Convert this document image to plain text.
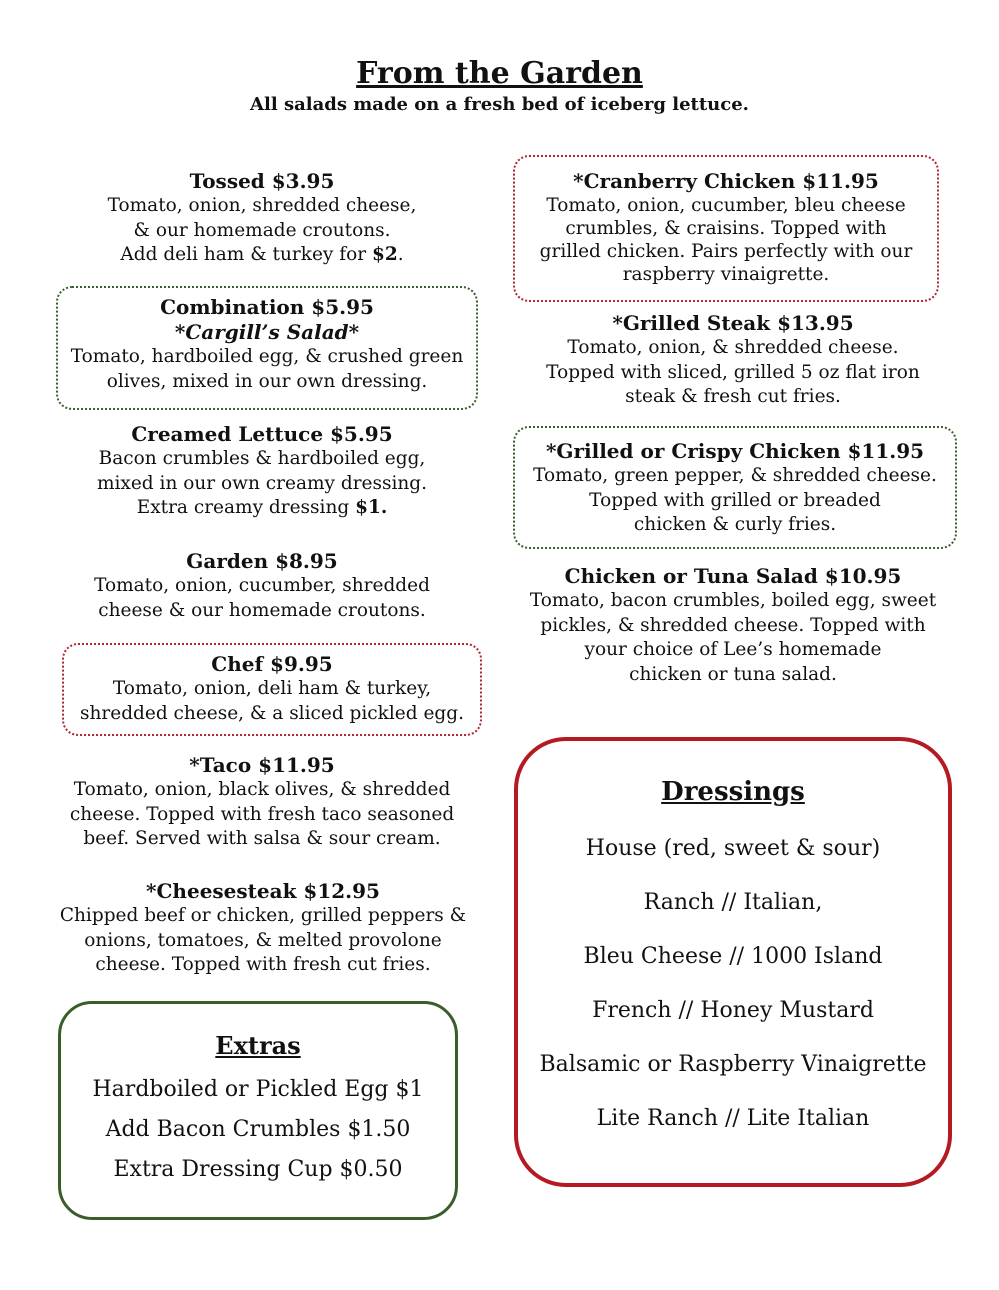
From the Garden
All salads made on a fresh bed of iceberg lettuce.
Tossed $3.95
Tomato, onion, shredded cheese,
& our homemade croutons.
Add deli ham & turkey for $2.
Combination $5.95
*Cargill’s Salad*
Tomato, hardboiled egg, & crushed green
olives, mixed in our own dressing.
Creamed Lettuce $5.95
Bacon crumbles & hardboiled egg,
mixed in our own creamy dressing.
Extra creamy dressing $1.
Garden $8.95
Tomato, onion, cucumber, shredded
cheese & our homemade croutons.
Chef $9.95
Tomato, onion, deli ham & turkey,
shredded cheese, & a sliced pickled egg.
*Taco $11.95
Tomato, onion, black olives, & shredded
cheese. Topped with fresh taco seasoned
beef. Served with salsa & sour cream.
*Cheesesteak $12.95
Chipped beef or chicken, grilled peppers &
onions, tomatoes, & melted provolone
cheese. Topped with fresh cut fries.
Extras
Hardboiled or Pickled Egg $1
Add Bacon Crumbles $1.50
Extra Dressing Cup $0.50
*Cranberry Chicken $11.95
Tomato, onion, cucumber, bleu cheese
crumbles, & craisins. Topped with
grilled chicken. Pairs perfectly with our
raspberry vinaigrette.
*Grilled Steak $13.95
Tomato, onion, & shredded cheese.
Topped with sliced, grilled 5 oz flat iron
steak & fresh cut fries.
*Grilled or Crispy Chicken $11.95
Tomato, green pepper, & shredded cheese.
Topped with grilled or breaded
chicken & curly fries.
Chicken or Tuna Salad $10.95
Tomato, bacon crumbles, boiled egg, sweet
pickles, & shredded cheese. Topped with
your choice of Lee’s homemade
chicken or tuna salad.
Dressings
House (red, sweet & sour)
Ranch // Italian,
Bleu Cheese // 1000 Island
French // Honey Mustard
Balsamic or Raspberry Vinaigrette
Lite Ranch // Lite Italian
